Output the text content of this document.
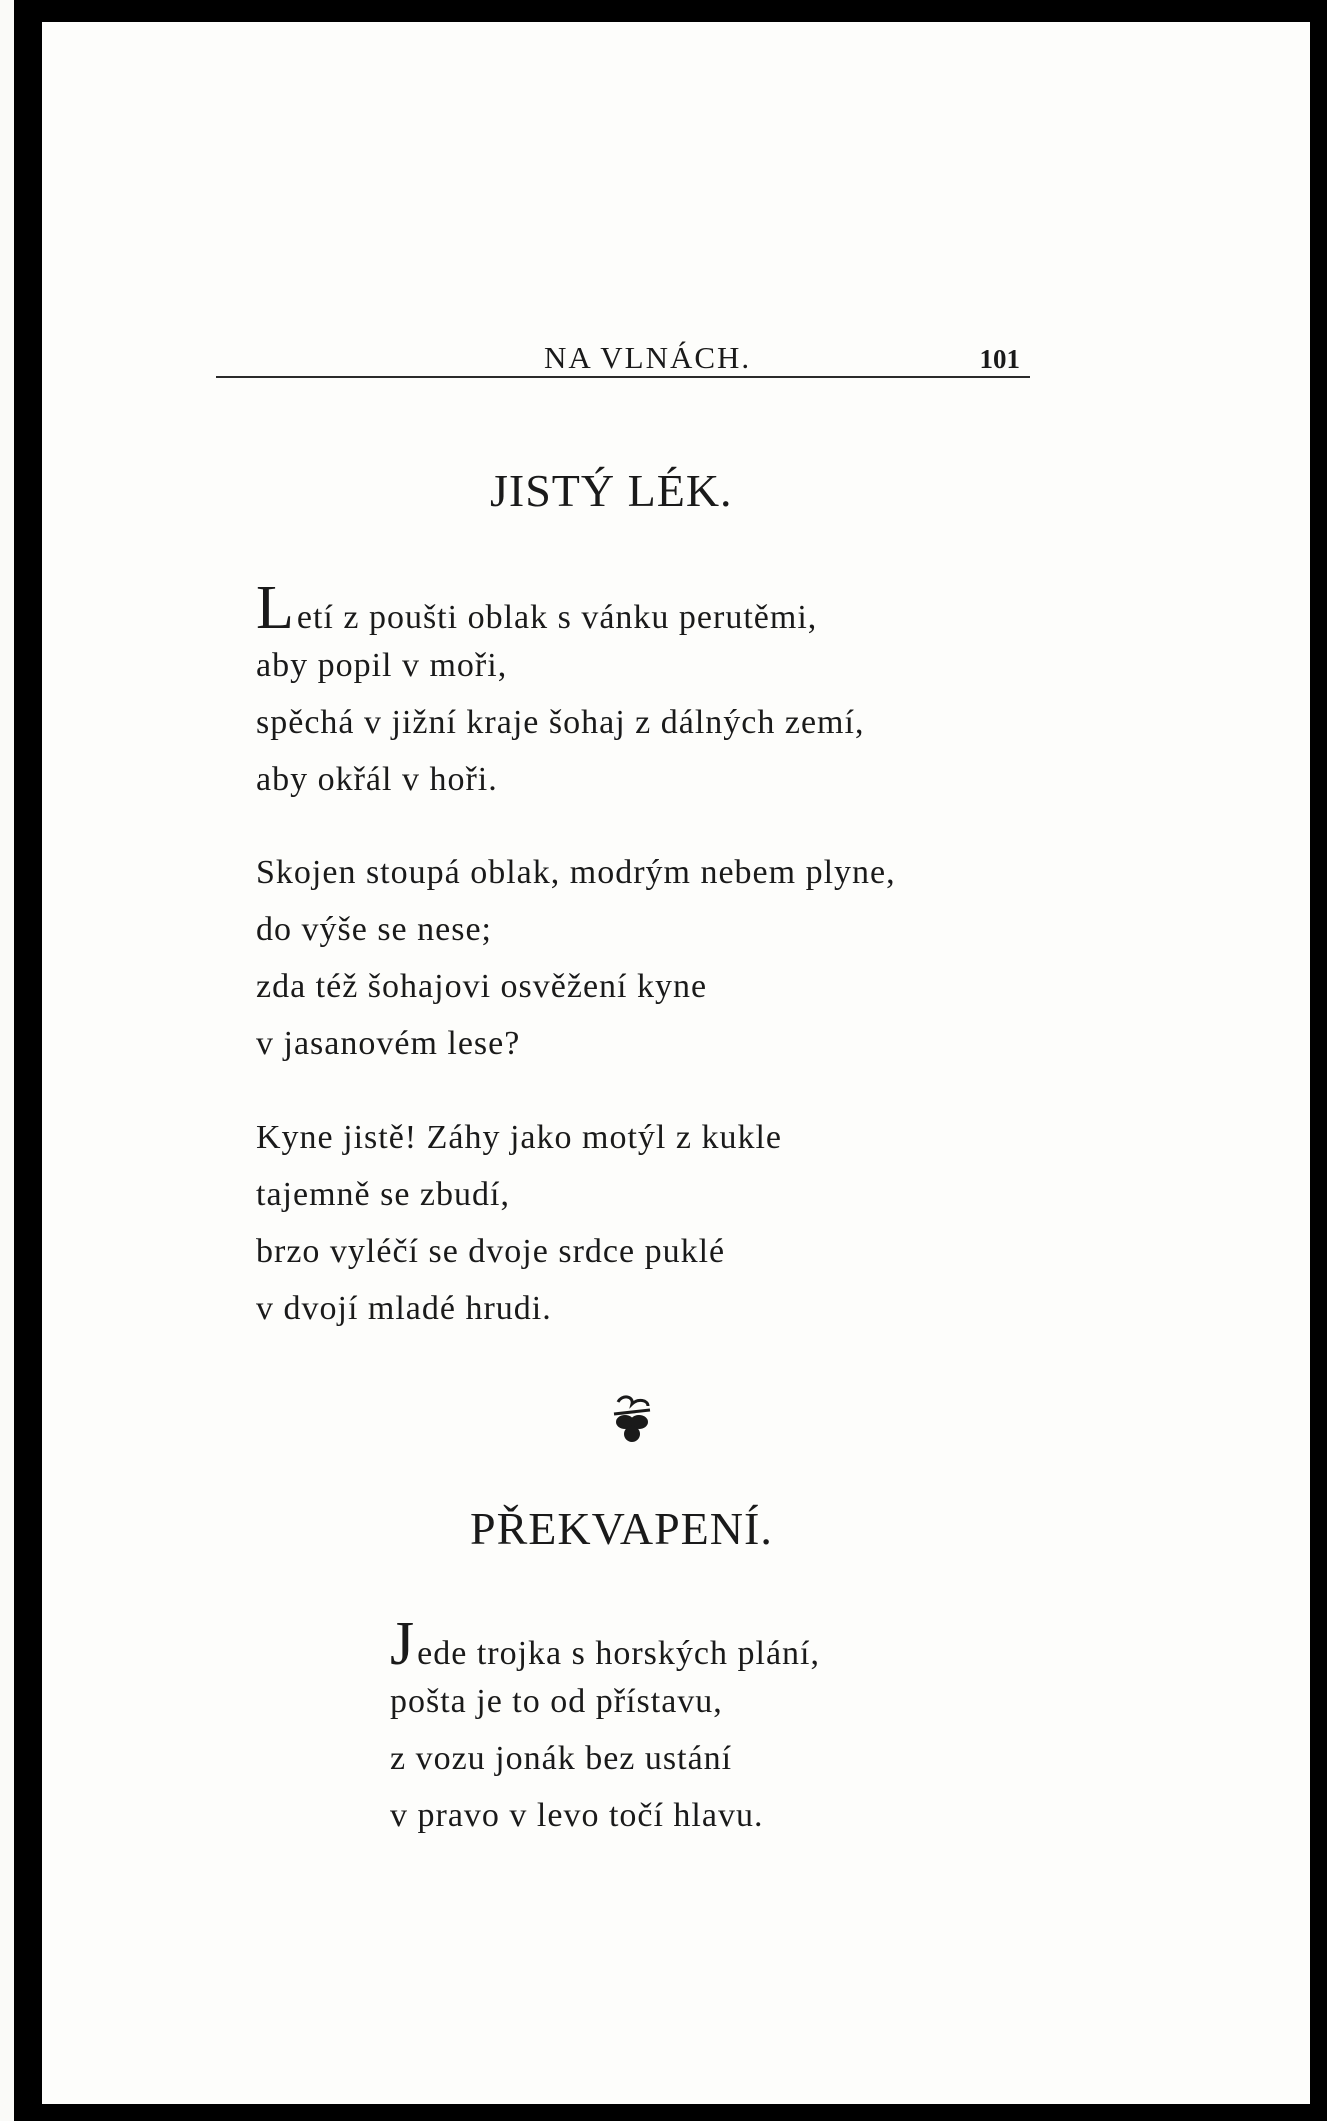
NA VLNÁCH.	101
JISTÝ LÉK.
Letí z poušti oblak s vánku perutěmi,
aby popil v moři,
spěchá v jižní kraje šohaj z dálných zemí,
aby okřál v hoři.
Skojen stoupá oblak, modrým nebem plyne,
do výše se nese;
zda též šohajovi osvěžení kyne
v jasanovém lese?
Kyne jistě! Záhy jako motýl z kukle
tajemně se zbudí,
brzo vyléčí se dvoje srdce puklé
v dvojí mladé hrudi.
PŘEKVAPENÍ.
Jede trojka s horských plání,
pošta je to od přístavu,
z vozu jonák bez ustání
v pravo v levo točí hlavu.
